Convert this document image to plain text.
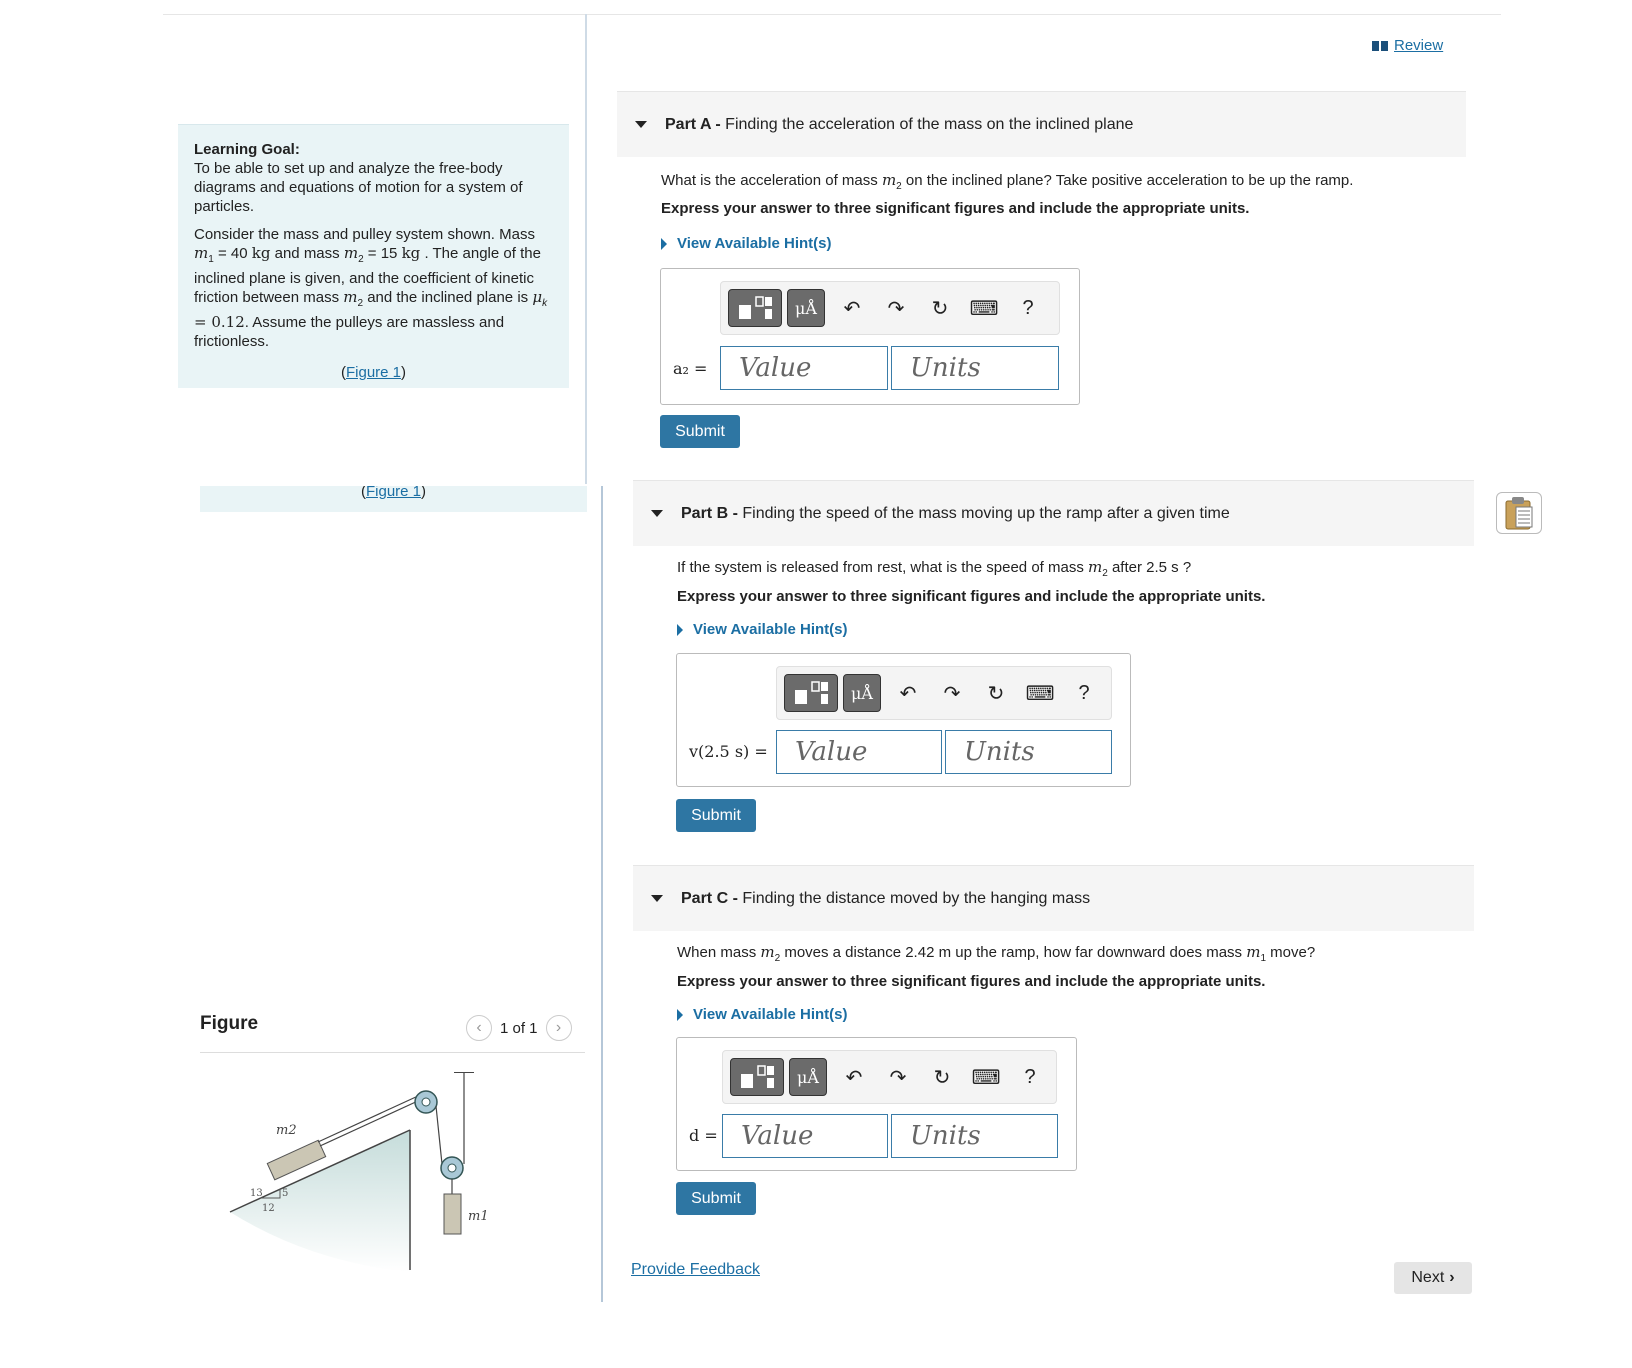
Review

Learning Goal:
To be able to set up and analyze the free-body diagrams and equations of motion for a system of particles.

Consider the mass and pulley system shown. Mass $m_1 = 40$ kg and mass $m_2 = 15$ kg . The angle of the inclined plane is given, and the coefficient of kinetic friction between mass $m_2$ and the inclined plane is $\mu_k = 0.12$. Assume the pulleys are massless and frictionless.

(Figure 1)
(Figure 1)
Figure	‹ 1 of 1 ›
13 5
12
m2
m1
Part A -
Finding the acceleration of the mass on the inclined plane
What is the acceleration of mass $m_2$ on the inclined plane? Take positive acceleration to be up the ramp.
Express your answer to three significant figures and include the appropriate units.
View Available Hint(s)
μÅ	↶	↷	↻	⌨	?
a₂ =	Value	Units
Submit
Part B -
Finding the speed of the mass moving up the ramp after a given time
If the system is released from rest, what is the speed of mass $m_2$ after 2.5 s ?
Express your answer to three significant figures and include the appropriate units.
View Available Hint(s)
μÅ	↶	↷	↻	⌨	?
v(2.5 s) =	Value	Units
Submit
Part C -
Finding the distance moved by the hanging mass
When mass $m_2$ moves a distance 2.42 m up the ramp, how far downward does mass $m_1$ move?
Express your answer to three significant figures and include the appropriate units.
View Available Hint(s)
μÅ	↶	↷	↻	⌨	?
d = Value	Units
Submit
Provide Feedback	Next ›
